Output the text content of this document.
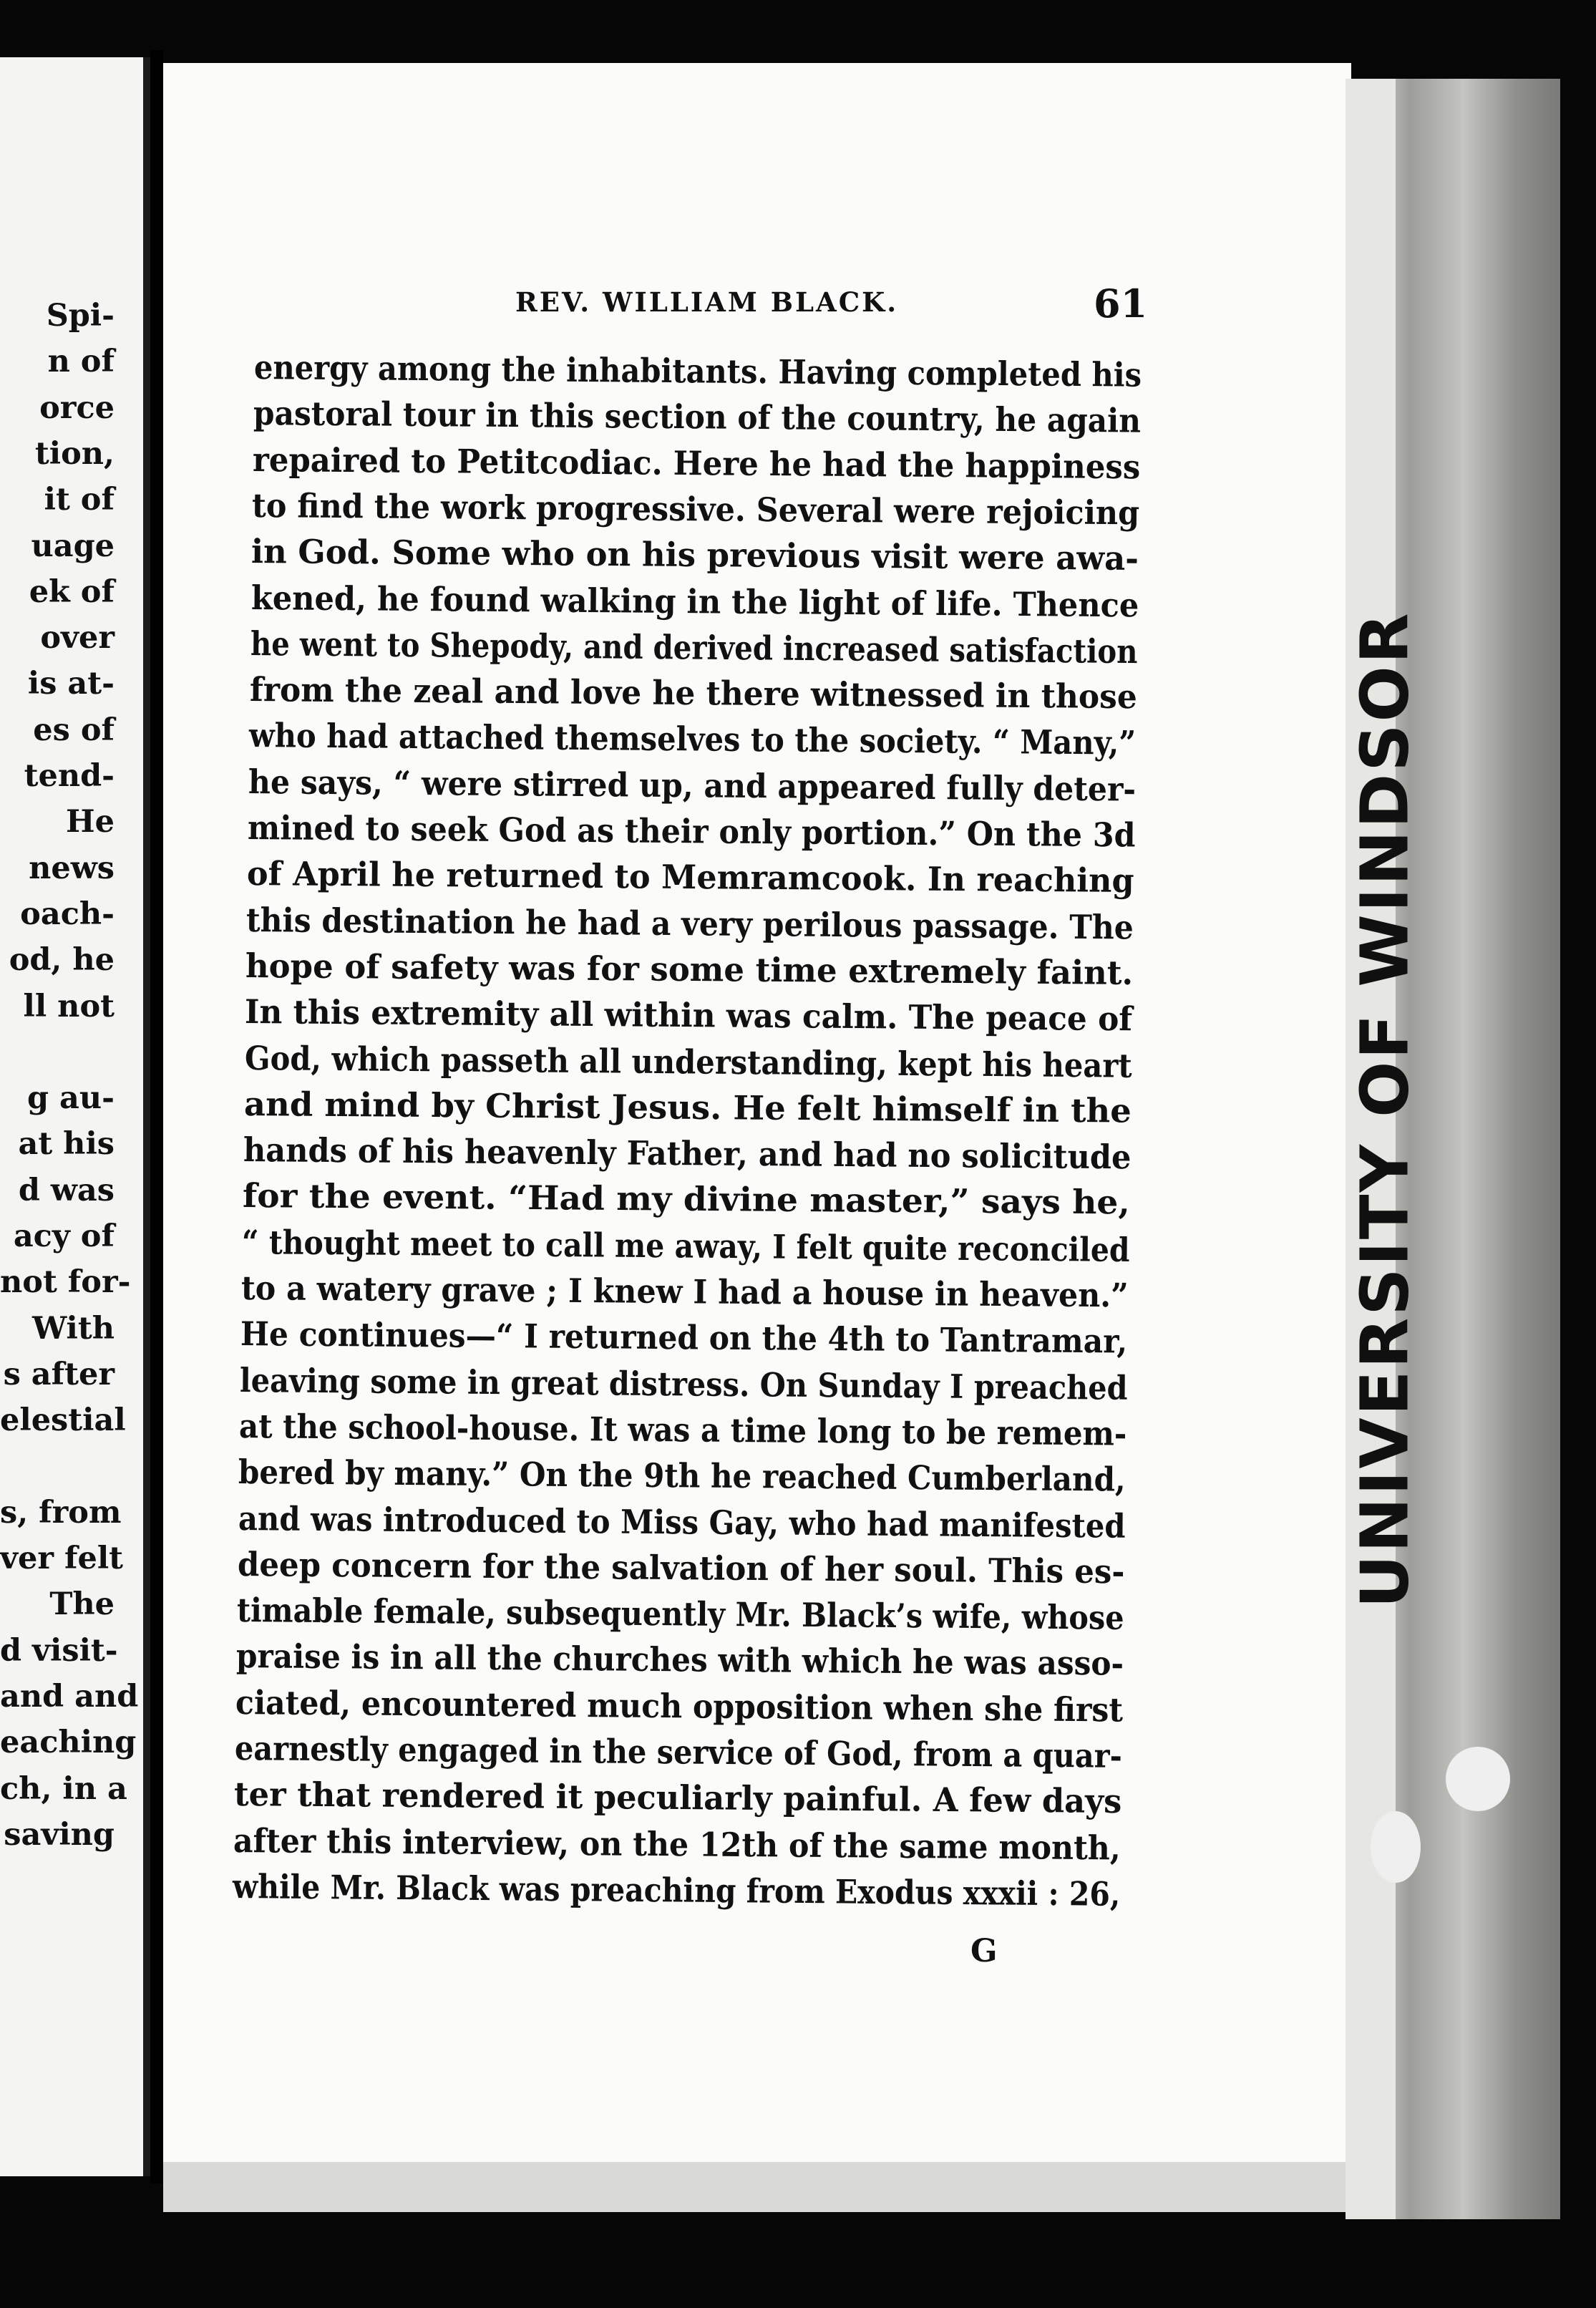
Spi-
n of
orce
tion,
it of
uage
ek of
over
is at-
es of
tend-
He
news
oach-
od, he
ll not
g au-
at his
d was
acy of
not for-
With
s after
elestial
s, from
ver felt
The
d visit-
and and
eaching
ch, in a
saving
REV. WILLIAM BLACK.	61
energy among the inhabitants. Having completed his
pastoral tour in this section of the country, he again
repaired to Petitcodiac. Here he had the happiness
to find the work progressive. Several were rejoicing
in God. Some who on his previous visit were awa-
kened, he found walking in the light of life. Thence
he went to Shepody, and derived increased satisfaction
from the zeal and love he there witnessed in those
who had attached themselves to the society. “ Many,”
he says, “ were stirred up, and appeared fully deter-
mined to seek God as their only portion.” On the 3d
of April he returned to Memramcook. In reaching
this destination he had a very perilous passage. The
hope of safety was for some time extremely faint.
In this extremity all within was calm. The peace of
God, which passeth all understanding, kept his heart
and mind by Christ Jesus. He felt himself in the
hands of his heavenly Father, and had no solicitude
for the event. “Had my divine master,” says he,
“ thought meet to call me away, I felt quite reconciled
to a watery grave ; I knew I had a house in heaven.”
He continues—“ I returned on the 4th to Tantramar,
leaving some in great distress. On Sunday I preached
at the school-house. It was a time long to be remem-
bered by many.” On the 9th he reached Cumberland,
and was introduced to Miss Gay, who had manifested
deep concern for the salvation of her soul. This es-
timable female, subsequently Mr. Black’s wife, whose
praise is in all the churches with which he was asso-
ciated, encountered much opposition when she first
earnestly engaged in the service of God, from a quar-
ter that rendered it peculiarly painful. A few days
after this interview, on the 12th of the same month,
while Mr. Black was preaching from Exodus xxxii : 26,
G
UNIVERSITY OF WINDSOR
